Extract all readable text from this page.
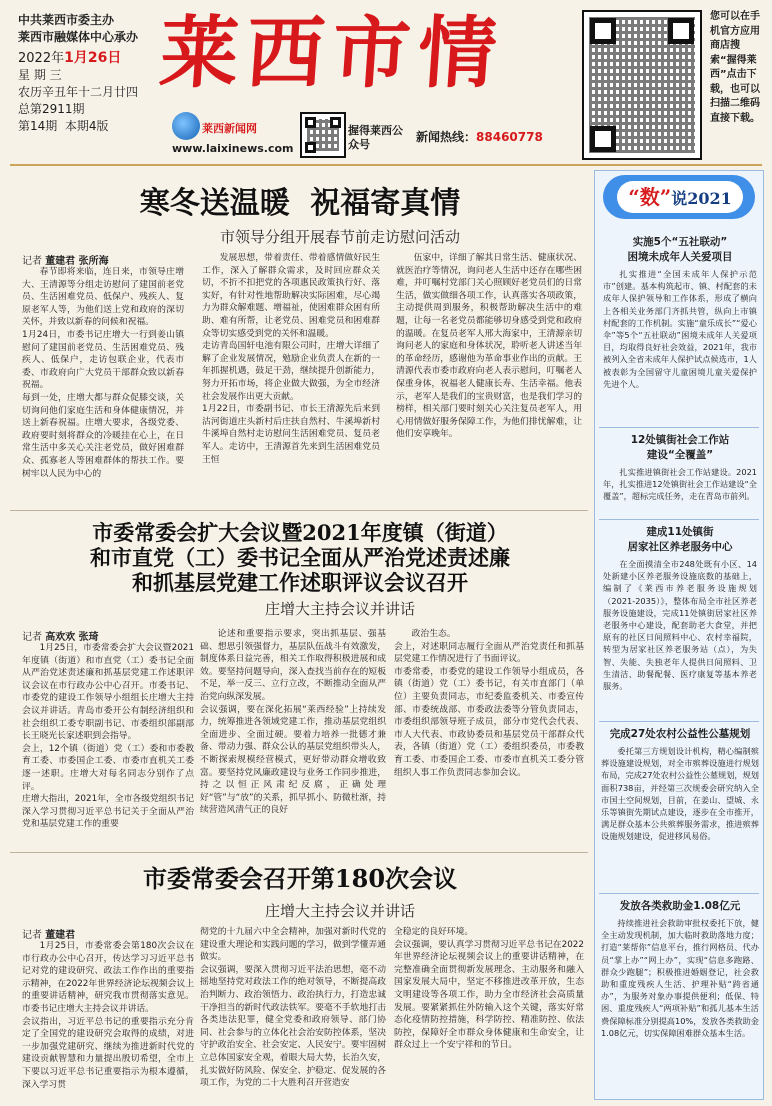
中共莱西市委主办
莱西市融媒体中心承办
2022年1月26日
星 期 三
农历辛丑年十二月廿四
总第2911期
第14期 本期4版
莱西市情
莱西新闻网
www.laixinews.com
握得莱西公众号
新闻热线：88460778
您可以在手机官方应用商店搜索“握得莱西”点击下载，也可以扫描二维码直接下载。
寒冬送温暖 祝福寄真情
市领导分组开展春节前走访慰问活动
记者 董建君 张所海
春节即将来临，连日来，市领导庄增大、王清源等分组走访慰问了建国前老党员、生活困难党员、低保户、残疾人、复原老军人等，为他们送上党和政府的深切关怀，并致以新春的问候和祝福。
1月24日，市委书记庄增大一行到姜山镇慰问了建国前老党员、生活困难党员、残疾人、低保户，走访包联企业，代表市委、市政府向广大党员干部群众致以新春祝福。
每到一处，庄增大都与群众促膝交谈，关切询问他们家庭生活和身体健康情况，并送上新春祝福。庄增大要求，各级党委、政府要时刻将群众的冷暖挂在心上，在日常生活中多关心关注老党员，做好困难群众、孤寡老人等困难群体的帮扶工作。要树牢以人民为中心的
发展思想，带着责任、带着感情做好民生工作，深入了解群众需求，及时回应群众关切，不折不扣把党的各项惠民政策执行好、落实好，有针对性地帮助解决实际困难，尽心竭力为群众解难题、增福祉，使困难群众困有所助、难有所帮，让老党员、困难党员和困难群众等切实感受到党的关怀和温暖。
走访青岛国轩电池有限公司时，庄增大详细了解了企业发展情况，勉励企业负责人在新的一年抓握机遇，鼓足干劲，继续提升创新能力，努力开拓市场，将企业做大做强，为全市经济社会发展作出更大贡献。
1月22日，市委副书记、市长王清源先后来到沽河街道庄头新村后庄扶自然村、牛溪埠新村牛溪埠自然村走访慰问生活困难党员、复员老军人。走访中，王清源首先来到生活困难党员王恒
伍家中，详细了解其日常生活、健康状况、就医治疗等情况，询问老人生活中还存在哪些困难，并叮嘱村党部门关心照顾好老党员们的日常生活，做实做细各项工作，认真落实各项政策，主动提供周到服务，积极帮助解决生活中的难题，让每一名老党员都能够切身感受到党和政府的温暖。在复员老军人邢大海家中，王清源亲切询问老人的家庭和身体状况，聆听老人讲述当年的革命经历，感谢他为革命事业作出的贡献。王清源代表市委市政府向老人表示慰问，叮嘱老人保重身体，祝福老人健康长寿、生活幸福。他表示，老军人是我们的宝贵财富，也是我们学习的榜样，相关部门要时刻关心关注复员老军人，用心用情做好服务保障工作，为他们排忧解难，让他们安享晚年。
市委常委会扩大会议暨2021年度镇（街道）
和市直党（工）委书记全面从严治党述责述廉
和抓基层党建工作述职评议会议召开
庄增大主持会议并讲话
记者 高欢欢 张琦
1月25日，市委常委会扩大会议暨2021年度镇（街道）和市直党（工）委书记全面从严治党述责述廉和抓基层党建工作述职评议会议在市行政办公中心召开。市委书记、市委党的建设工作领导小组组长庄增大主持会议并讲话。青岛市委开公有制经济组织和社会组织工委专职副书记、市委组织部副部长王晓光长家述职到会指导。
会上，12个镇（街道）党（工）委和市委教育工委、市委国企工委、市委市直机关工委逐一述职。庄增大对每名同志分别作了点评。
庄增大指出，2021年，全市各级党组织书记深入学习贯彻习近平总书记关于全面从严治党和基层党建工作的重要
论述和重要指示要求，突出抓基层、强基础、想思引领强督力，基层队伍战斗有效激发，制度体系日益完善，相关工作取得积极进展和成效。要坚持问题导向，深入查找当前存在的短板不足，举一反三、立行立改，不断推动全面从严治党向纵深发展。
会议强调，要在深化拓展“莱西经验”上持续发力，统筹推进各领域党建工作，推动基层党组织全面进步、全面过硬。要着力培养一批德才兼备、带动力强、群众公认的基层党组织带头人，不断探索规模经营模式，更好带动群众增收致富。要坚持党风廉政建设与业务工作同步推进，持之以恒正风肃纪反腐，正确处理好“管”与“放”的关系，抓早抓小、防微杜渐，持续营造风清气正的良好
政治生态。
会上，对述职同志履行全面从严治党责任和抓基层党建工作情况进行了书面评议。
市委常委，市委党的建设工作领导小组成员，各镇（街道）党（工）委书记，有关市直部门（单位）主要负责同志，市纪委监委机关、市委宣传部、市委统战部、市委政法委等分管负责同志，市委组织部领导班子成员，部分市党代会代表、市人大代表、市政协委员和基层党员干部群众代表，各镇（街道）党（工）委组织委员，市委教育工委、市委国企工委、市委市直机关工委分管组织人事工作负责同志参加会议。
市委常委会召开第180次会议
庄增大主持会议并讲话
记者 董建君
1月25日，市委常委会第180次会议在市行政办公中心召开，传达学习习近平总书记对党的建设研究、政法工作作出的重要指示精神，在2022年世界经济论坛视频会议上的重要讲话精神，研究我市贯彻落实意见。市委书记庄增大主持会议并讲话。
会议指出，习近平总书记的重要指示充分肯定了全国党的建设研究会取得的成绩，对进一步加强党建研究、继续为推进新时代党的建设贡献智慧和力量提出殷切希望，全市上下要以习近平总书记重要指示为根本遵循，深入学习贯
彻党的十九届六中全会精神，加强对新时代党的建设重大理论和实践问题的学习，做到学懂弄通做实。
会议强调，要深入贯彻习近平法治思想，毫不动摇地坚持党对政法工作的绝对领导，不断提高政治判断力、政治领悟力、政治执行力，打造忠诚干净担当的新时代政法铁军。要毫不手软地打击各类违法犯罪，健全党委和政府领导、部门协同、社会参与的立体化社会治安防控体系，坚决守护政治安全、社会安定、人民安宁。要牢固树立总体国家安全观，着眼大局大势，长治久安，扎实做好防风险、保安全、护稳定、促发展的各项工作，为党的二十大胜利召开营造安
全稳定的良好环境。
会议强调，要认真学习贯彻习近平总书记在2022年世界经济论坛视频会议上的重要讲话精神，在完整准确全面贯彻新发展理念、主动服务和融入国家发展大局中，坚定不移推进改革开放，生态文明建设等各项工作，助力全市经济社会高质量发展。要紧紧抓住外防输入这个关键，落实好常态化疫情防控措施，科学防控、精准防控、依法防控，保障好全市群众身体健康和生命安全，让群众过上一个安宁祥和的节日。
“数”说2021
实施5个“五社联动”
困境未成年人关爱项目
扎实推进“全国未成年人保护示范市”创建。基本构筑起市、镇、村配套的未成年人保护领导和工作体系，形成了横向上各相关业务部门齐抓共管，纵向上市镇村配套的工作机制。实施“童乐成长”“爱心伞”等5个“五社联动”困境未成年人关爱项目，均取得良好社会效益，2021年，我市被列入全省未成年人保护试点候选市，1人被表彰为全国留守儿童困境儿童关爱保护先进个人。
12处镇街社会工作站
建设“全覆盖”
扎实推进镇街社会工作站建设。2021年，扎实推进12处镇街社会工作站建设“全覆盖”，超标完成任务，走在青岛市前列。
建成11处镇街
居家社区养老服务中心
在全面摸清全市248处既有小区、14处新建小区养老服务设施底数的基础上，编制了《莱西市养老服务设施规划（2021-2035）》，整体布局全市社区养老服务设施建设，完成11处镇街居家社区养老服务中心建设，配套助老大食堂，并把原有的社区日间照料中心、农村幸福院，转型为居家社区养老服务站（点），为失智、失能、失独老年人提供日间照料、卫生清洁、助餐配餐、医疗康复等基本养老服务。
完成27处农村公益性公墓规划
委托第三方规划设计机构，精心编制殡葬设施建设规划，对全市殡葬设施进行规划布局，完成27处农村公益性公墓规划，规划面积738亩，并经第三次规委会研究纳入全市国土空间规划，目前，在姜山、望城、永乐等镇街先期试点建设，逐步在全市推开，满足群众基本公共殡葬服务需求，推进殡葬设施规划建设，促进移风易俗。
发放各类救助金1.08亿元
持续推进社会救助审批权委托下放，健全主动发现机制，加大临时救助落地力度；打造“莱帮你”信息平台，推行网格员、代办员“掌上办”“网上办”，实现“信息多跑路、群众少跑腿”；积极推进婚姻登记，社会救助和重度残疾人生活、护理补贴“跨省通办”，为服务对象办事提供便利；低保、特困、重度残疾人“两项补贴”和孤儿基本生活费保障标准分别提高10%，发放各类救助金1.08亿元，切实保障困难群众基本生活。
